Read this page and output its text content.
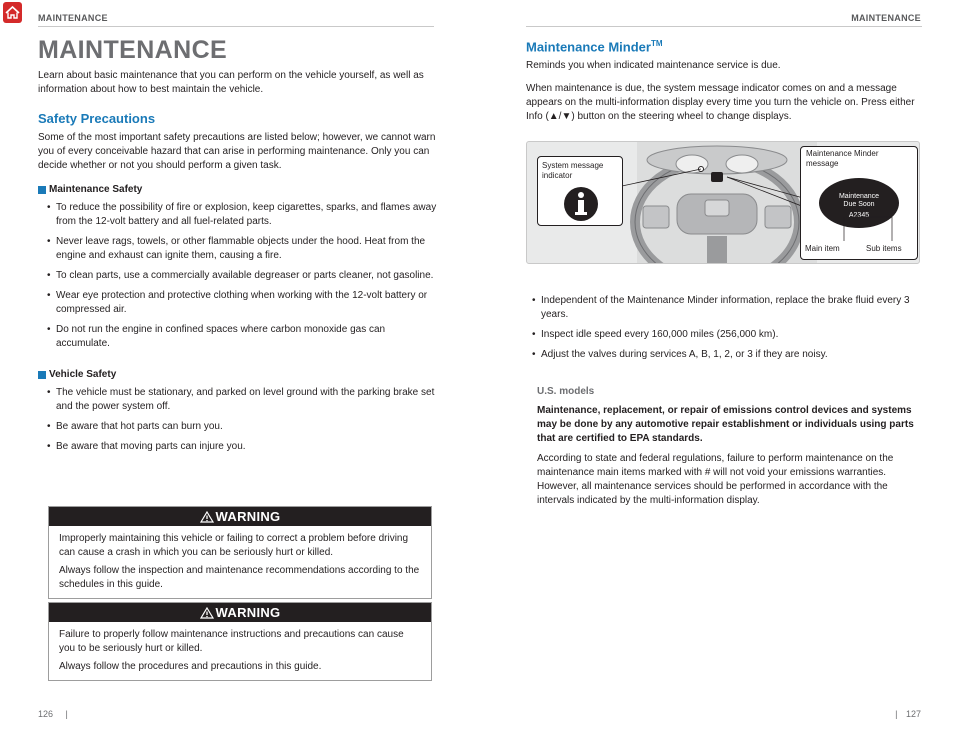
MAINTENANCE
MAINTENANCE
Learn about basic maintenance that you can perform on the vehicle yourself, as well as information about how to best maintain the vehicle.
Safety Precautions
Some of the most important safety precautions are listed below; however, we cannot warn you of every conceivable hazard that can arise in performing maintenance. Only you can decide whether or not you should perform a given task.
Maintenance Safety
• To reduce the possibility of fire or explosion, keep cigarettes, sparks, and flames away from the 12-volt battery and all fuel-related parts.
• Never leave rags, towels, or other flammable objects under the hood. Heat from the engine and exhaust can ignite them, causing a fire.
• To clean parts, use a commercially available degreaser or parts cleaner, not gasoline.
• Wear eye protection and protective clothing when working with the 12-volt battery or compressed air.
• Do not run the engine in confined spaces where carbon monoxide gas can accumulate.
Vehicle Safety
• The vehicle must be stationary, and parked on level ground with the parking brake set and the power system off.
• Be aware that hot parts can burn you.
• Be aware that moving parts can injure you.
WARNING

Improperly maintaining this vehicle or failing to correct a problem before driving can cause a crash in which you can be seriously hurt or killed.

Always follow the inspection and maintenance recommendations according to the schedules in this guide.

WARNING

Failure to properly follow maintenance instructions and precautions can cause you to be seriously hurt or killed.

Always follow the procedures and precautions in this guide.

126 |
MAINTENANCE
Maintenance Minder™
Reminds you when indicated maintenance service is due.
When maintenance is due, the system message indicator comes on and a message appears on the multi-information display every time you turn the vehicle on. Press either Info (▲/▼) button on the steering wheel to change displays.
System message indicator
Maintenance Minder message
Maintenance
Due Soon
A2345
Main item	Sub items
• Independent of the Maintenance Minder information, replace the brake fluid every 3 years.
• Inspect idle speed every 160,000 miles (256,000 km).
• Adjust the valves during services A, B, 1, 2, or 3 if they are noisy.
U.S. models
Maintenance, replacement, or repair of emissions control devices and systems may be done by any automotive repair establishment or individuals using parts that are certified to EPA standards.
According to state and federal regulations, failure to perform maintenance on the maintenance main items marked with # will not void your emissions warranties. However, all maintenance services should be performed in accordance with the intervals indicated by the multi-information display.
| 127
